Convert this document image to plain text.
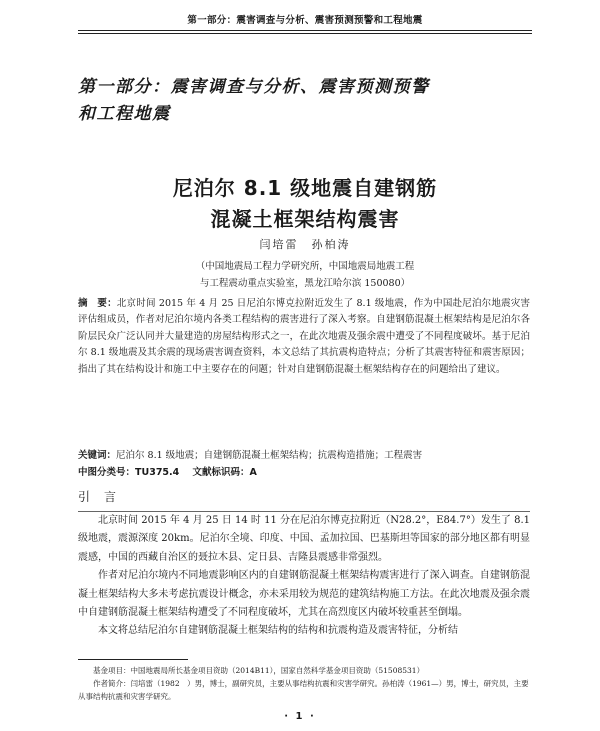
第一部分：震害调查与分析、震害预测预警和工程地震
第一部分：震害调查与分析、震害预测预警
和工程地震
尼泊尔 8.1 级地震自建钢筋
混凝土框架结构震害
闫培雷　孙柏涛
（中国地震局工程力学研究所，中国地震局地震工程
与工程震动重点实验室，黑龙江哈尔滨 150080）
摘　要：北京时间 2015 年 4 月 25 日尼泊尔博克拉附近发生了 8.1 级地震，作为中国赴尼泊尔地震灾害评估组成员，作者对尼泊尔境内各类工程结构的震害进行了深入考察。自建钢筋混凝土框架结构是尼泊尔各阶层民众广泛认同并大量建造的房屋结构形式之一，在此次地震及强余震中遭受了不同程度破坏。基于尼泊尔 8.1 级地震及其余震的现场震害调查资料，本文总结了其抗震构造特点；分析了其震害特征和震害原因；指出了其在结构设计和施工中主要存在的问题；针对自建钢筋混凝土框架结构存在的问题给出了建议。
关键词：尼泊尔 8.1 级地震；自建钢筋混凝土框架结构；抗震构造措施；工程震害
中图分类号：TU375.4 文献标识码：A
引言

北京时间 2015 年 4 月 25 日 14 时 11 分在尼泊尔博克拉附近（N28.2°，E84.7°）发生了 8.1 级地震，震源深度 20km。尼泊尔全境、印度、中国、孟加拉国、巴基斯坦等国家的部分地区都有明显震感，中国的西藏自治区的聂拉木县、定日县、吉隆县震感非常强烈。

作者对尼泊尔境内不同地震影响区内的自建钢筋混凝土框架结构震害进行了深入调查。自建钢筋混凝土框架结构大多未考虑抗震设计概念，亦未采用较为规范的建筑结构施工方法。在此次地震及强余震中自建钢筋混凝土框架结构遭受了不同程度破坏，尤其在高烈度区内破坏较重甚至倒塌。

本文将总结尼泊尔自建钢筋混凝土框架结构的结构和抗震构造及震害特征，分析结

基金项目：中国地震局所长基金项目资助（2014B11），国家自然科学基金项目资助（51508531）
作者简介：闫培雷（1982　）男，博士，副研究员，主要从事结构抗震和灾害学研究。孙柏涛（1961—）男，博士，研究员，主要从事结构抗震和灾害学研究。
· 1 ·
